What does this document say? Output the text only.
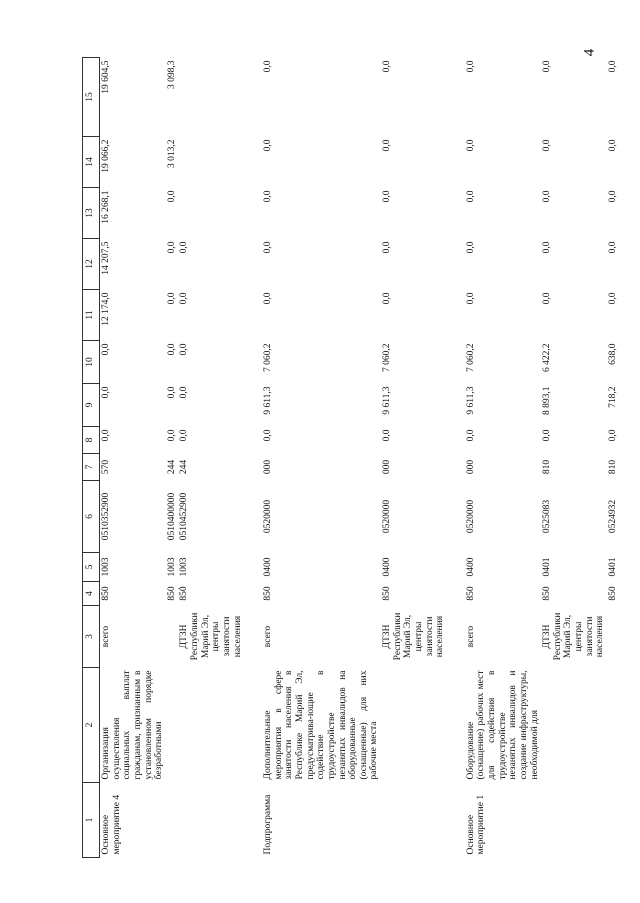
4
.
1	2	3	4	5	6	7	8	9	10	11	12	13	14	15
Основное мероприятие 4	Организация осуществления социальных выплат гражданам, признанным в установленном порядке безработными	всего	850	1003	0510352900	570	0,0	0,0	0,0	12 174,0	14 207,5	16 268,1	19 066,2	19 604,5
			850	1003	0510400000	244	0,0	0,0	0,0	0,0	0,0	0,0	3 013,2	3 098,3
		ДТЗН Республики Марий Эл, центры занятости населения	850	1003	0510452900	244	0,0	0,0	0,0	0,0	0,0			

Подпрограмма	Дополнительные мероприятия в сфере занятости населения в Республике Марий Эл, предусматрива-ющие содействие в трудоустройстве незанятых инвалидов на оборудованные (оснащенные) для них рабочие места	всего	850	0400	0520000	000	0,0	9 611,3	7 060,2	0,0	0,0	0,0	0,0	0,0
		ДТЗН Республики Марий Эл, центры занятости населения	850	0400	0520000	000	0,0	9 611,3	7 060,2	0,0	0,0	0,0	0,0	0,0

Основное мероприятие 1	Оборудование (оснащение) рабочих мест для содействия в трудоустройстве незанятых инвалидов и создание инфраструктуры, необходимой для	всего	850	0400	0520000	000	0,0	9 611,3	7 060,2	0,0	0,0	0,0	0,0	0,0
		ДТЗН Республики Марий Эл, центры занятости населения	850	0401	0525083	810	0,0	8 893,1	6 422,2	0,0	0,0	0,0	0,0	0,0
			850	0401	0524932	810	0,0	718,2	638,0	0,0	0,0	0,0	0,0	0,0
